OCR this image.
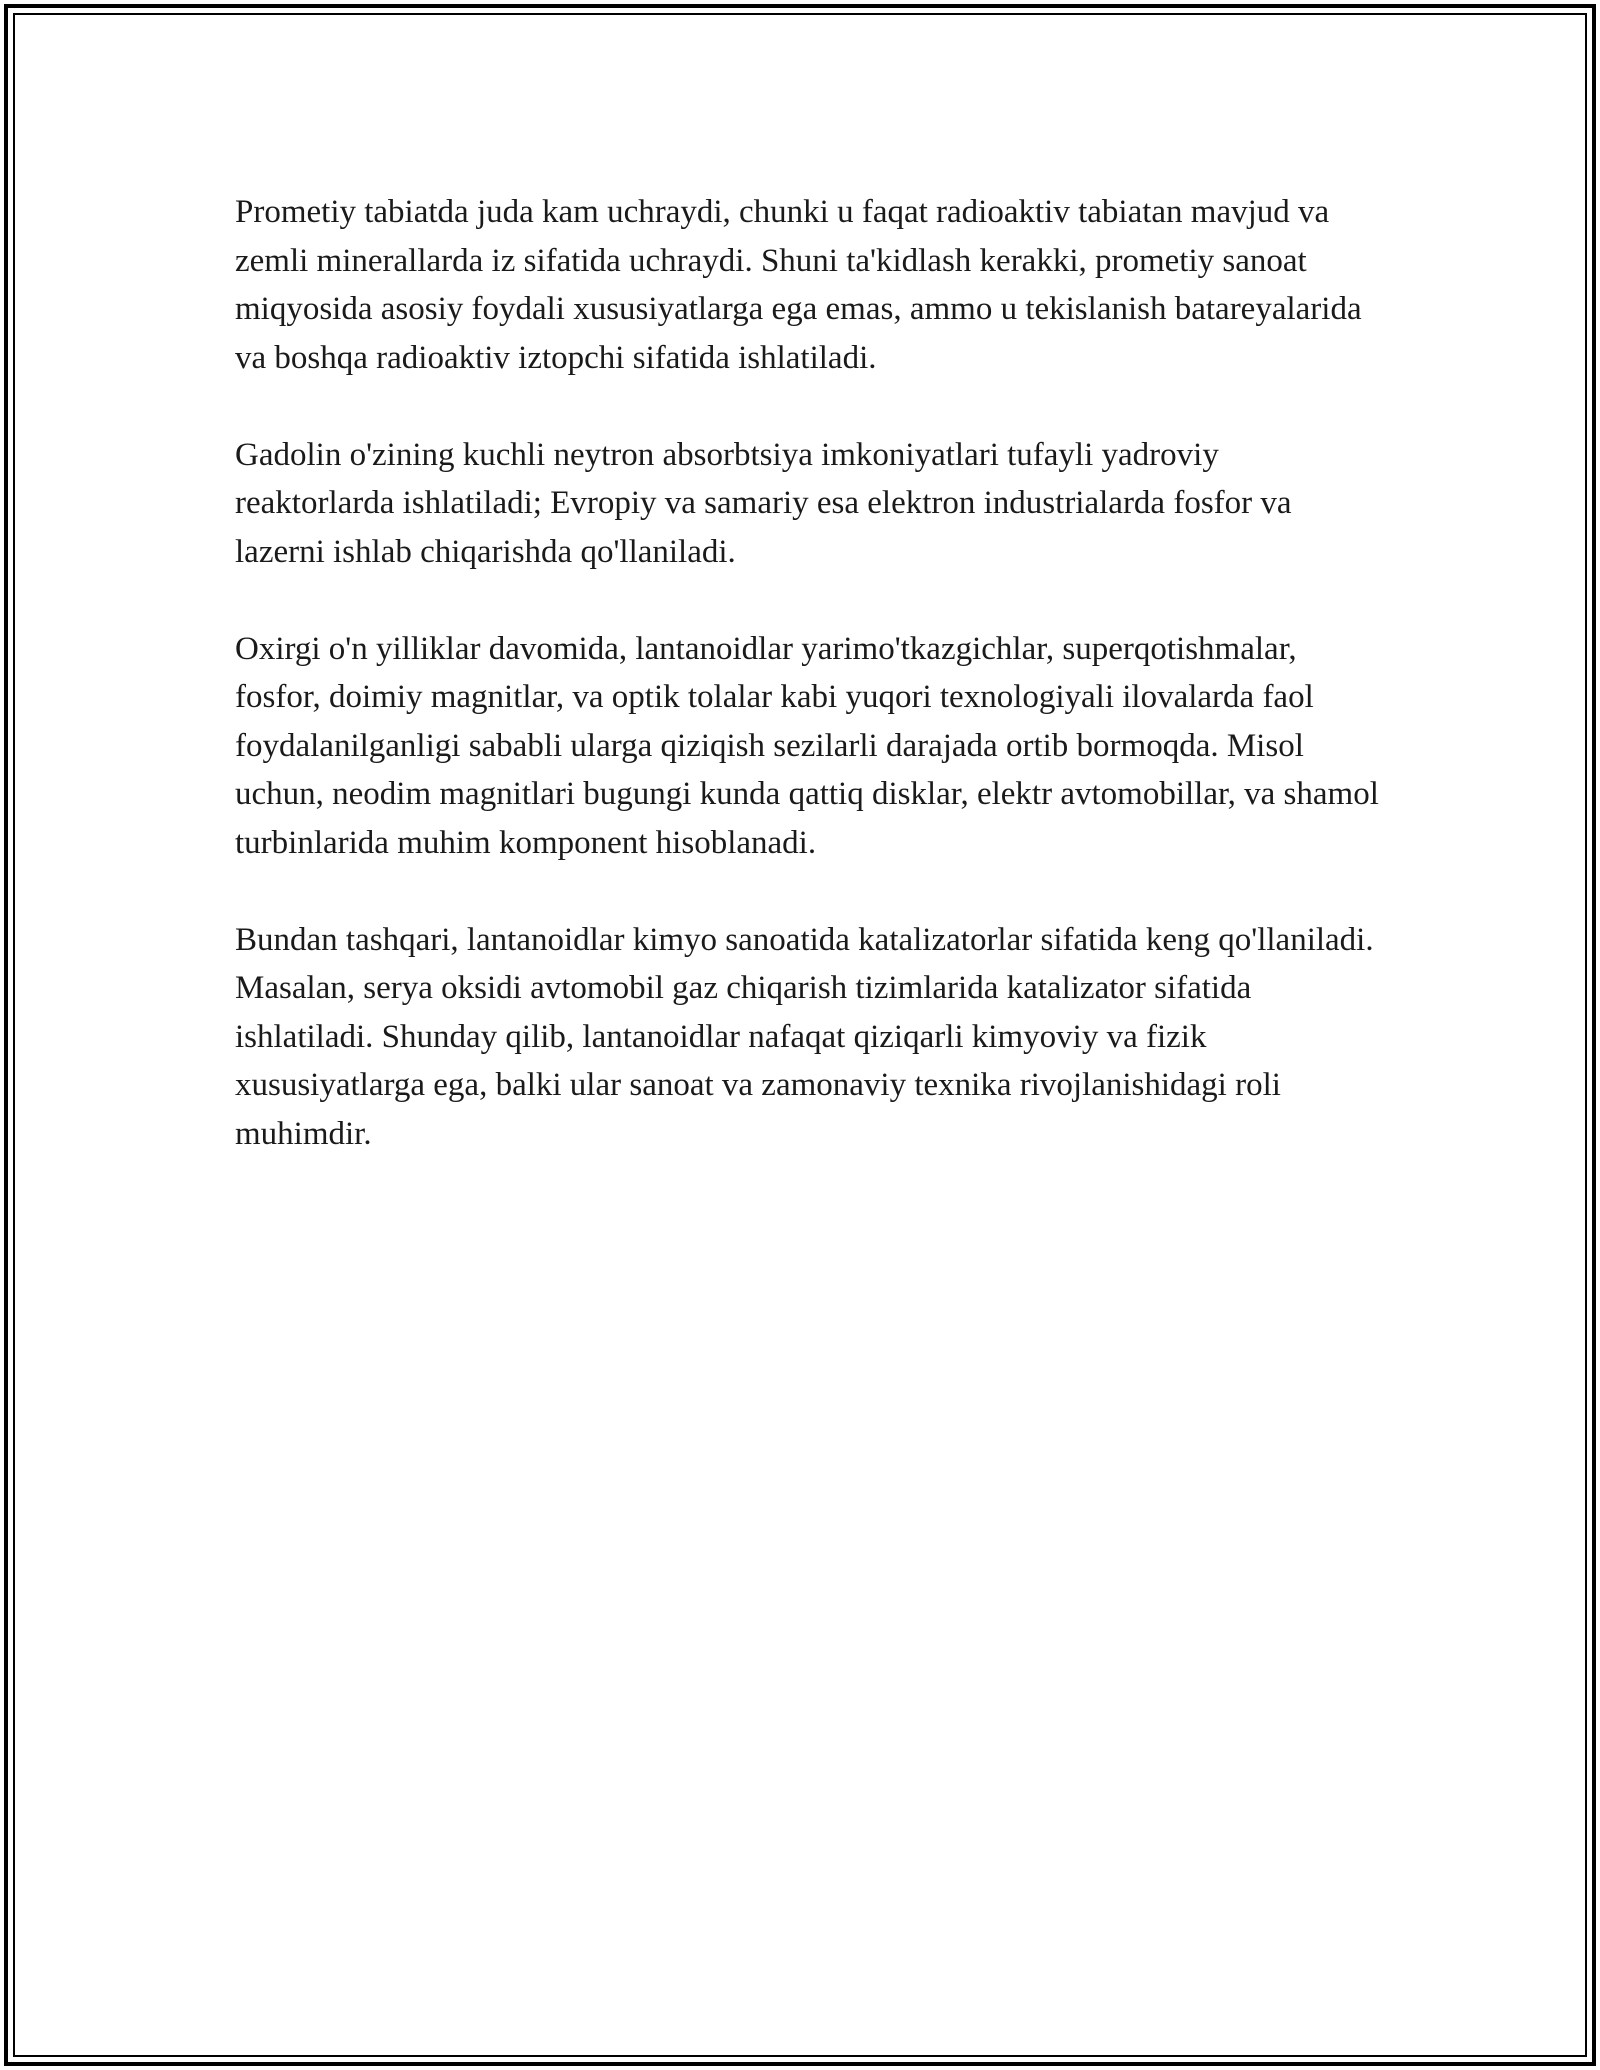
Prometiy tabiatda juda kam uchraydi, chunki u faqat radioaktiv tabiatan mavjud va zemli minerallarda iz sifatida uchraydi. Shuni ta'kidlash kerakki, prometiy sanoat miqyosida asosiy foydali xususiyatlarga ega emas, ammo u tekislanish batareyalarida va boshqa radioaktiv iztopchi sifatida ishlatiladi.

Gadolin o'zining kuchli neytron absorbtsiya imkoniyatlari tufayli yadroviy reaktorlarda ishlatiladi; Evropiy va samariy esa elektron industrialarda fosfor va lazerni ishlab chiqarishda qo'llaniladi.

Oxirgi o'n yilliklar davomida, lantanoidlar yarimo'tkazgichlar, superqotishmalar, fosfor, doimiy magnitlar, va optik tolalar kabi yuqori texnologiyali ilovalarda faol foydalanilganligi sababli ularga qiziqish sezilarli darajada ortib bormoqda. Misol uchun, neodim magnitlari bugungi kunda qattiq disklar, elektr avtomobillar, va shamol turbinlarida muhim komponent hisoblanadi.

Bundan tashqari, lantanoidlar kimyo sanoatida katalizatorlar sifatida keng qo'llaniladi. Masalan, serya oksidi avtomobil gaz chiqarish tizimlarida katalizator sifatida ishlatiladi. Shunday qilib, lantanoidlar nafaqat qiziqarli kimyoviy va fizik xususiyatlarga ega, balki ular sanoat va zamonaviy texnika rivojlanishidagi roli muhimdir.
